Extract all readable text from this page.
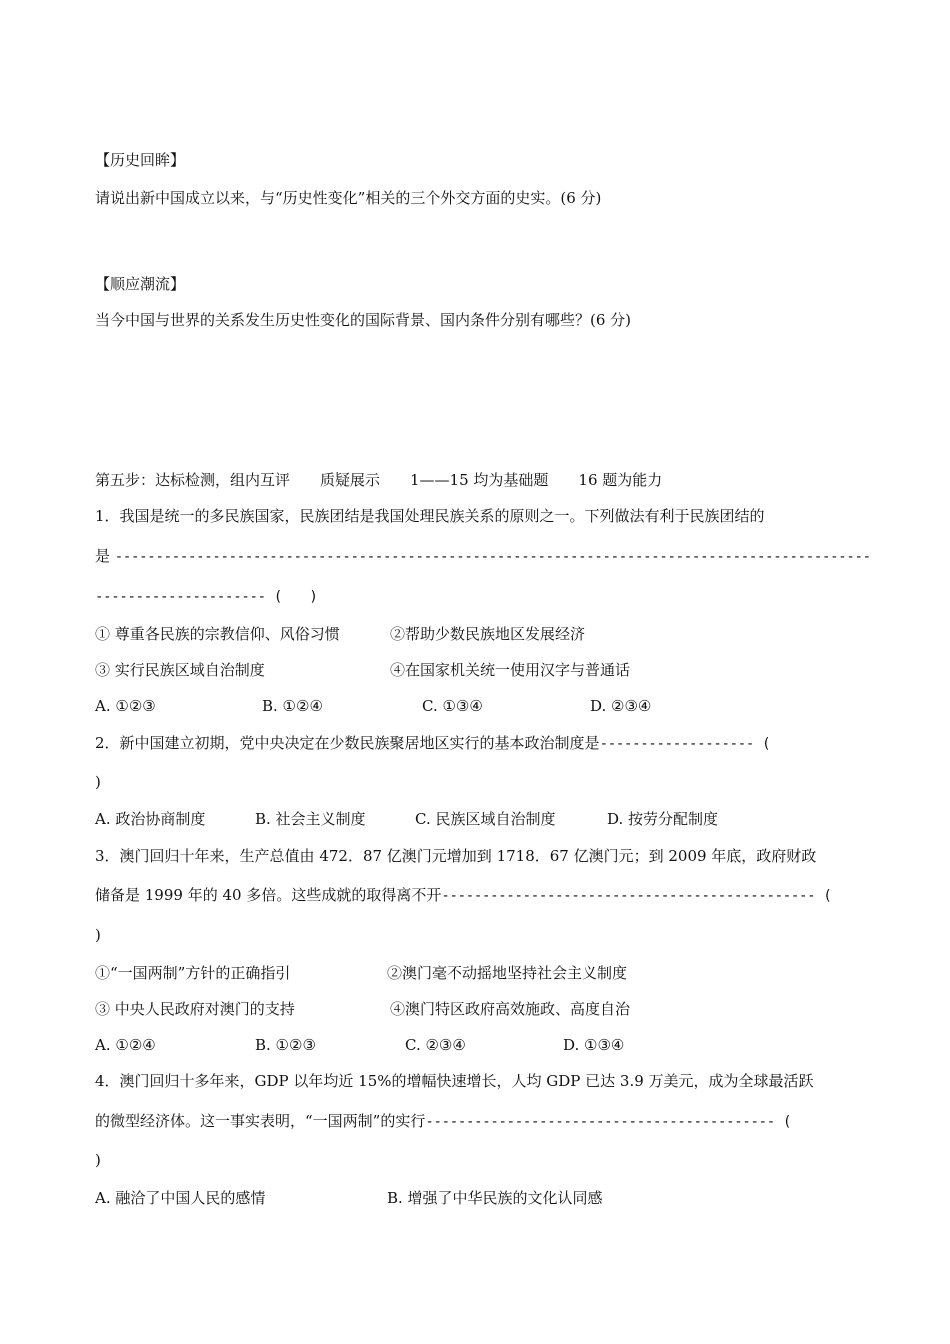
【历史回眸】
请说出新中国成立以来，与“历史性变化”相关的三个外交方面的史实。(6 分)
【顺应潮流】
当今中国与世界的关系发生历史性变化的国际背景、国内条件分别有哪些？(6 分)
第五步：达标检测，组内互评　　质疑展示　　1——15 均为基础题　　16 题为能力
1．我国是统一的多民族国家，民族团结是我国处理民族关系的原则之一。下列做法有利于民族团结的
是 ---------------------------------------------------------------------------------------------
--------------------- (　　)
① 尊重各民族的宗教信仰、风俗习惯	②帮助少数民族地区发展经济
③ 实行民族区域自治制度	④在国家机关统一使用汉字与普通话
A. ①②③	B. ①②④	C. ①③④	D. ②③④
2．新中国建立初期，党中央决定在少数民族聚居地区实行的基本政治制度是------------------- (
)
A. 政治协商制度	B. 社会主义制度	C. 民族区域自治制度	D. 按劳分配制度
3．澳门回归十年来，生产总值由 472．87 亿澳门元增加到 1718．67 亿澳门元；到 2009 年底，政府财政
储备是 1999 年的 40 多倍。这些成就的取得离不开---------------------------------------------- (
)
①“一国两制”方针的正确指引	②澳门毫不动摇地坚持社会主义制度
③ 中央人民政府对澳门的支持	④澳门特区政府高效施政、高度自治
A. ①②④	B. ①②③	C. ②③④	D. ①③④
4．澳门回归十多年来，GDP 以年均近 15%的增幅快速增长，人均 GDP 已达 3.9 万美元，成为全球最活跃
的微型经济体。这一事实表明，“一国两制”的实行------------------------------------------- (
)
A. 融洽了中国人民的感情	B. 增强了中华民族的文化认同感
